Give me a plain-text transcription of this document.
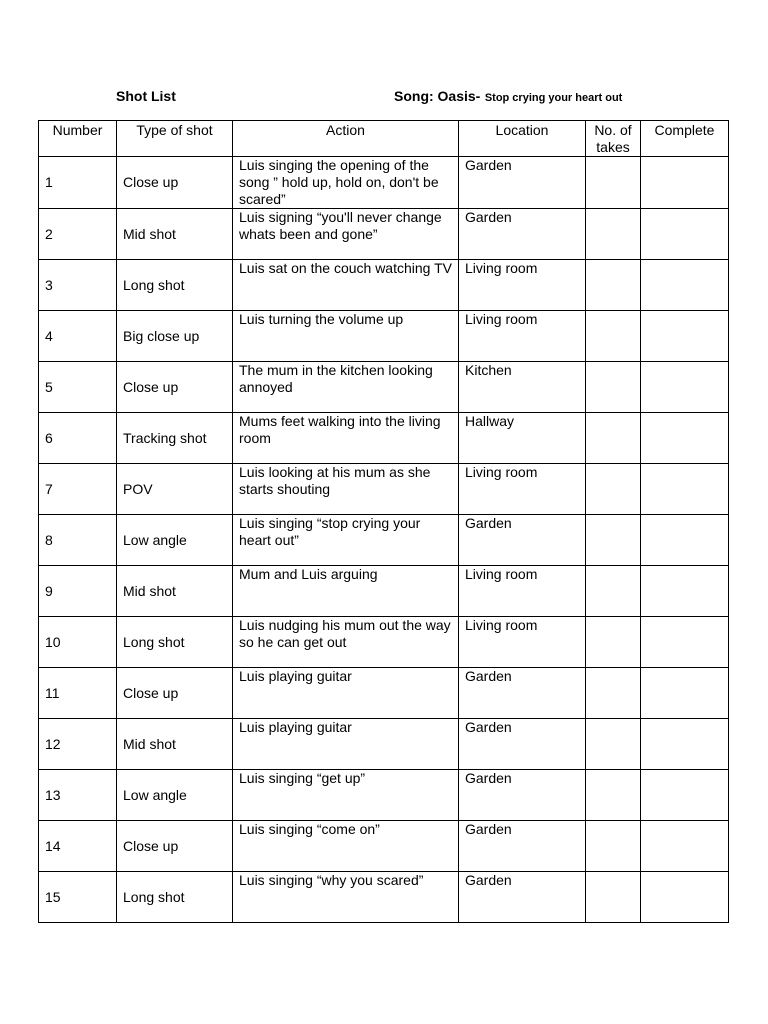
Shot List	Song: Oasis- Stop crying your heart out
Number	Type of shot	Action	Location	No. of takes	Complete
1	Close up	Luis singing the opening of the song ” hold up, hold on, don't be scared”	Garden		
2	Mid shot	Luis signing “you'll never change whats been and gone”	Garden		
3	Long shot	Luis sat on the couch watching TV	Living room		
4	Big close up	Luis turning the volume up	Living room		
5	Close up	The mum in the kitchen looking annoyed	Kitchen		
6	Tracking shot	Mums feet walking into the living room	Hallway		
7	POV	Luis looking at his mum as she starts shouting	Living room		
8	Low angle	Luis singing “stop crying your heart out”	Garden		
9	Mid shot	Mum and Luis arguing	Living room		
10	Long shot	Luis nudging his mum out the way so he can get out	Living room		
11	Close up	Luis playing guitar	Garden		
12	Mid shot	Luis playing guitar	Garden		
13	Low angle	Luis singing “get up”	Garden		
14	Close up	Luis singing “come on”	Garden		
15	Long shot	Luis singing “why you scared”	Garden		
